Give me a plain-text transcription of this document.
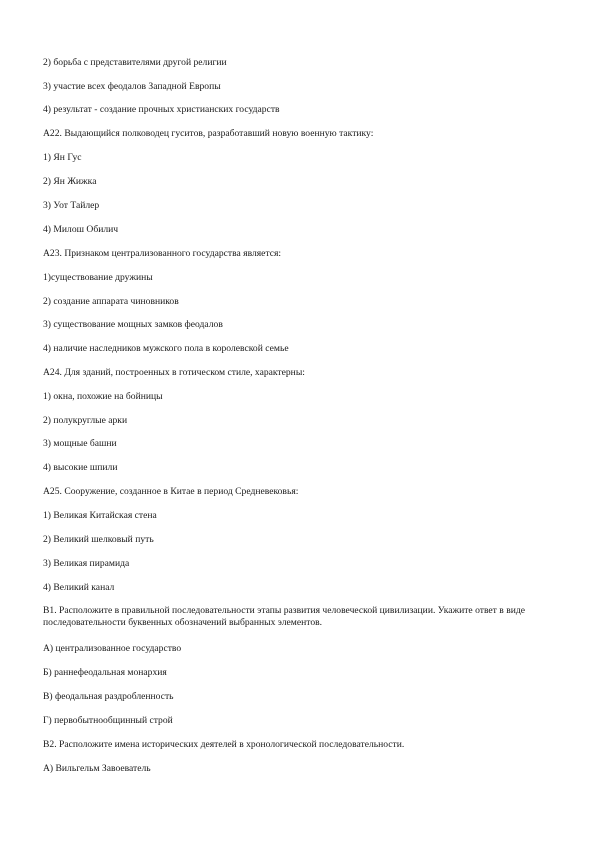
2) борьба с представителями другой религии
3) участие всех феодалов Западной Европы
4) результат - создание прочных христианских государств
А22. Выдающийся полководец гуситов, разработавший новую военную тактику:
1) Ян Гус
2) Ян Жижка
3) Уот Тайлер
4) Милош Обилич
А23. Признаком централизованного государства является:
1)существование дружины
2) создание аппарата чиновников
3) существование мощных замков феодалов
4) наличие наследников мужского пола в королевской семье
А24. Для зданий, построенных в готическом стиле, характерны:
1) окна, похожие на бойницы
2) полукруглые арки
3) мощные башни
4) высокие шпили
А25. Сооружение, созданное в Китае в период Средневековья:
1) Великая Китайская стена
2) Великий шелковый путь
3) Великая пирамида
4) Великий канал
В1. Расположите в правильной последовательности этапы развития человеческой цивилизации. Укажите ответ в виде последовательности буквенных обозначений выбранных элементов.
А) централизованное государство
Б) раннефеодальная монархия
В) феодальная раздробленность
Г) первобытнообщинный строй
В2. Расположите имена исторических деятелей в хронологической последовательности.
А) Вильгельм Завоеватель
